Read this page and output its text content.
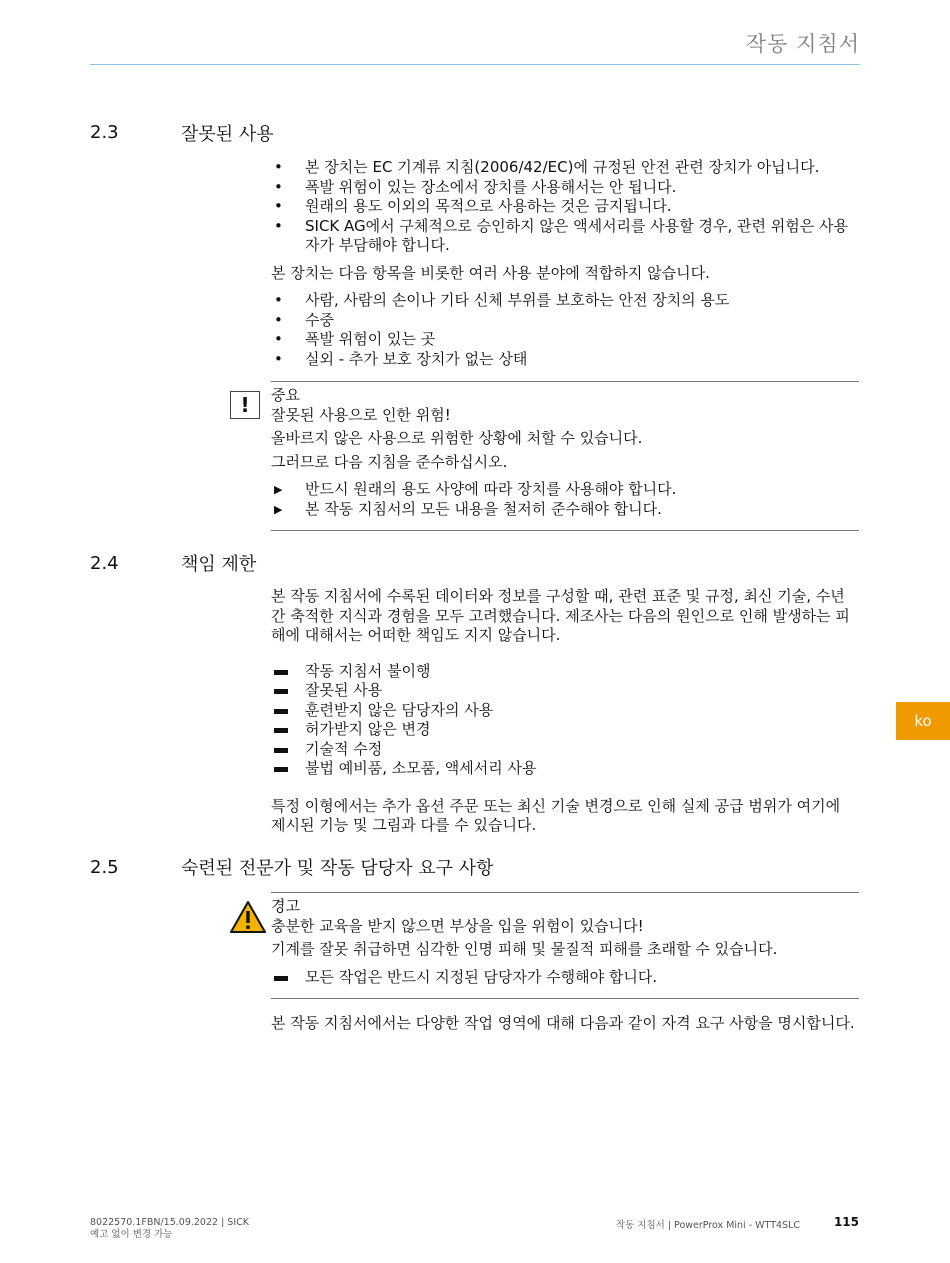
작동 지침서
2.3	잘못된 사용
•	본 장치는 EC 기계류 지침(2006/42/EC)에 규정된 안전 관련 장치가 아닙니다.
•	폭발 위험이 있는 장소에서 장치를 사용해서는 안 됩니다.
•	원래의 용도 이외의 목적으로 사용하는 것은 금지됩니다.
•	SICK AG에서 구체적으로 승인하지 않은 액세서리를 사용할 경우, 관련 위험은 사용자가 부담해야 합니다.

본 장치는 다음 항목을 비롯한 여러 사용 분야에 적합하지 않습니다.

•	사람, 사람의 손이나 기타 신체 부위를 보호하는 안전 장치의 용도
•	수중
•	폭발 위험이 있는 곳
•	실외 - 추가 보호 장치가 없는 상태
!	중요
잘못된 사용으로 인한 위험!
올바르지 않은 사용으로 위험한 상황에 처할 수 있습니다.
그러므로 다음 지침을 준수하십시오.
▶	반드시 원래의 용도 사양에 따라 장치를 사용해야 합니다.
▶	본 작동 지침서의 모든 내용을 철저히 준수해야 합니다.
2.4	책임 제한

본 작동 지침서에 수록된 데이터와 정보를 구성할 때, 관련 표준 및 규정, 최신 기술, 수년간 축적한 지식과 경험을 모두 고려했습니다. 제조사는 다음의 원인으로 인해 발생하는 피해에 대해서는 어떠한 책임도 지지 않습니다.

작동 지침서 불이행
잘못된 사용
훈련받지 않은 담당자의 사용
허가받지 않은 변경
기술적 수정
불법 예비품, 소모품, 액세서리 사용

특정 이형에서는 추가 옵션 주문 또는 최신 기술 변경으로 인해 실제 공급 범위가 여기에 제시된 기능 및 그림과 다를 수 있습니다.

2.5	숙련된 전문가 및 작동 담당자 요구 사항
경고
충분한 교육을 받지 않으면 부상을 입을 위험이 있습니다!
기계를 잘못 취급하면 심각한 인명 피해 및 물질적 피해를 초래할 수 있습니다.
모든 작업은 반드시 지정된 담당자가 수행해야 합니다.

본 작동 지침서에서는 다양한 작업 영역에 대해 다음과 같이 자격 요구 사항을 명시합니다.

ko
8022570.1FBN/15.09.2022 | SICK
예고 없이 변경 가능
작동 지침서 | PowerProx Mini - WTT4SLC	115
